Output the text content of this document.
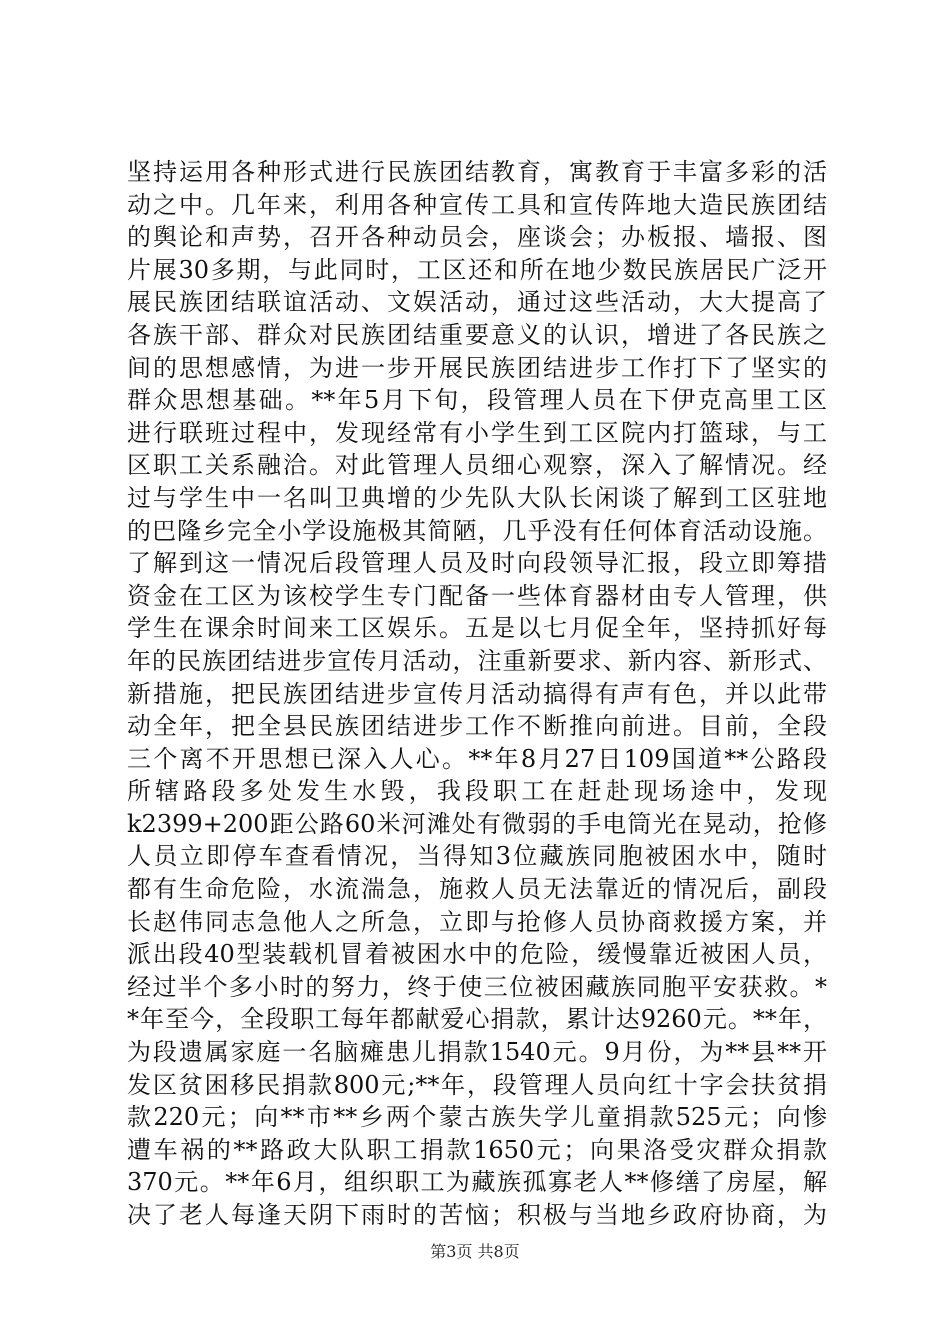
坚持运用各种形式进行民族团结教育，寓教育于丰富多彩的活
动之中。几年来，利用各种宣传工具和宣传阵地大造民族团结
的舆论和声势，召开各种动员会，座谈会；办板报、墙报、图
片展30多期，与此同时，工区还和所在地少数民族居民广泛开
展民族团结联谊活动、文娱活动，通过这些活动，大大提高了
各族干部、群众对民族团结重要意义的认识，增进了各民族之
间的思想感情，为进一步开展民族团结进步工作打下了坚实的
群众思想基础。**年5月下旬，段管理人员在下伊克高里工区
进行联班过程中，发现经常有小学生到工区院内打篮球，与工
区职工关系融洽。对此管理人员细心观察，深入了解情况。经
过与学生中一名叫卫典增的少先队大队长闲谈了解到工区驻地
的巴隆乡完全小学设施极其简陋，几乎没有任何体育活动设施。
了解到这一情况后段管理人员及时向段领导汇报，段立即筹措
资金在工区为该校学生专门配备一些体育器材由专人管理，供
学生在课余时间来工区娱乐。五是以七月促全年，坚持抓好每
年的民族团结进步宣传月活动，注重新要求、新内容、新形式、
新措施，把民族团结进步宣传月活动搞得有声有色，并以此带
动全年，把全县民族团结进步工作不断推向前进。目前，全段
三个离不开思想已深入人心。**年8月27日109国道**公路段
所辖路段多处发生水毁，我段职工在赶赴现场途中，发现
k2399+200距公路60米河滩处有微弱的手电筒光在晃动，抢修
人员立即停车查看情况，当得知3位藏族同胞被困水中，随时
都有生命危险，水流湍急，施救人员无法靠近的情况后，副段
长赵伟同志急他人之所急，立即与抢修人员协商救援方案，并
派出段40型装载机冒着被困水中的危险，缓慢靠近被困人员，
经过半个多小时的努力，终于使三位被困藏族同胞平安获救。*
*年至今，全段职工每年都献爱心捐款，累计达9260元。**年，
为段遗属家庭一名脑瘫患儿捐款1540元。9月份，为**县**开
发区贫困移民捐款800元;**年，段管理人员向红十字会扶贫捐
款220元；向**市**乡两个蒙古族失学儿童捐款525元；向惨
遭车祸的**路政大队职工捐款1650元；向果洛受灾群众捐款
370元。**年6月，组织职工为藏族孤寡老人**修缮了房屋，解
决了老人每逢天阴下雨时的苦恼；积极与当地乡政府协商，为
第3页 共8页
